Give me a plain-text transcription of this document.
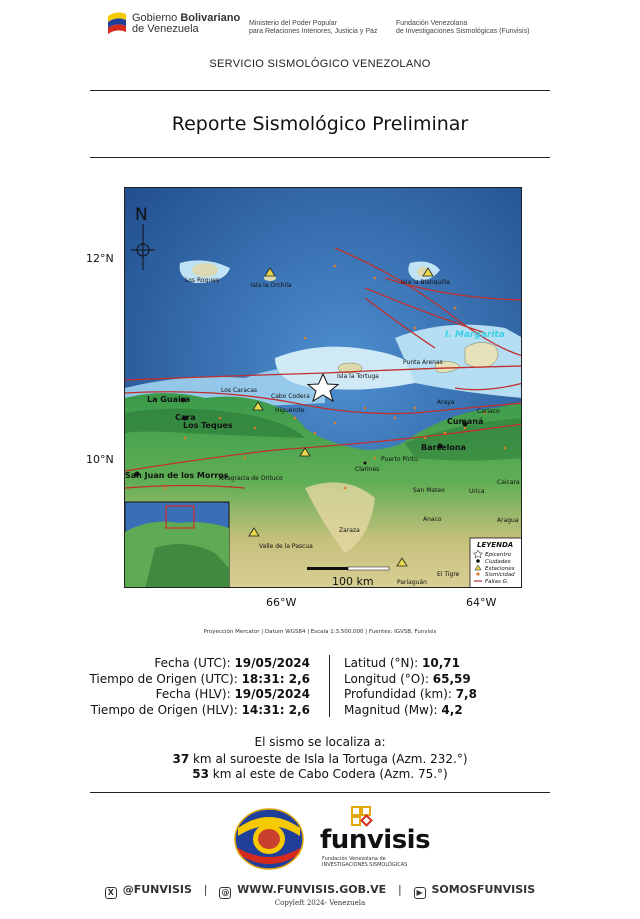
Gobierno Bolivariano
de Venezuela	Ministerio del Poder Popular
para Relaciones Interiores, Justicia y Paz
Fundación Venezolana
de Investigaciones Sismológicas (Funvisis)
SERVICIO SISMOLÓGICO VENEZOLANO
Reporte Sismológico Preliminar
12°N
10°N
66°W	64°W
Los Roques
Isla la Orchila	Isla la Blanquilla
Isla la Tortuga
Higuerote
Cabo Codera
Los Caracas
Punta Arenas
Araya
Cariaco
Clarines
Altagracia de Orituco
Puerto Píritu
San Mateo	Urica
Caicara
Aragua
Anaco
Zaraza
Valle de la Pascua
El Tigre
Pariaguán
La Guaira
Cara
Los Teques	Cumaná
Barcelona
San Juan de los Morros
I. Margarita
N
100 km
LEYENDA
Epicentro
Ciudades
Estaciones
Sismicidad
Fallas G.
Proyección Mercator | Datum WGS84 | Escala 1:3.500.000 | Fuentes: IGVSB, Funvisis
Fecha (UTC): 19/05/2024
Tiempo de Origen (UTC): 18:31: 2,6
Fecha (HLV): 19/05/2024
Tiempo de Origen (HLV): 14:31: 2,6
Latitud (°N): 10,71
Longitud (°O): 65,59
Profundidad (km): 7,8
Magnitud (Mw): 4,2
El sismo se localiza a:
37 km al suroeste de Isla la Tortuga (Azm. 232.°)
53 km al este de Cabo Codera (Azm. 75.°)
funvisis
Fundación Venezolana de
INVESTIGACIONES SISMOLÓGICAS
X @FUNVISIS | @ WWW.FUNVISIS.GOB.VE | ▶ SOMOSFUNVISIS
Copyleft 2024- Venezuela
